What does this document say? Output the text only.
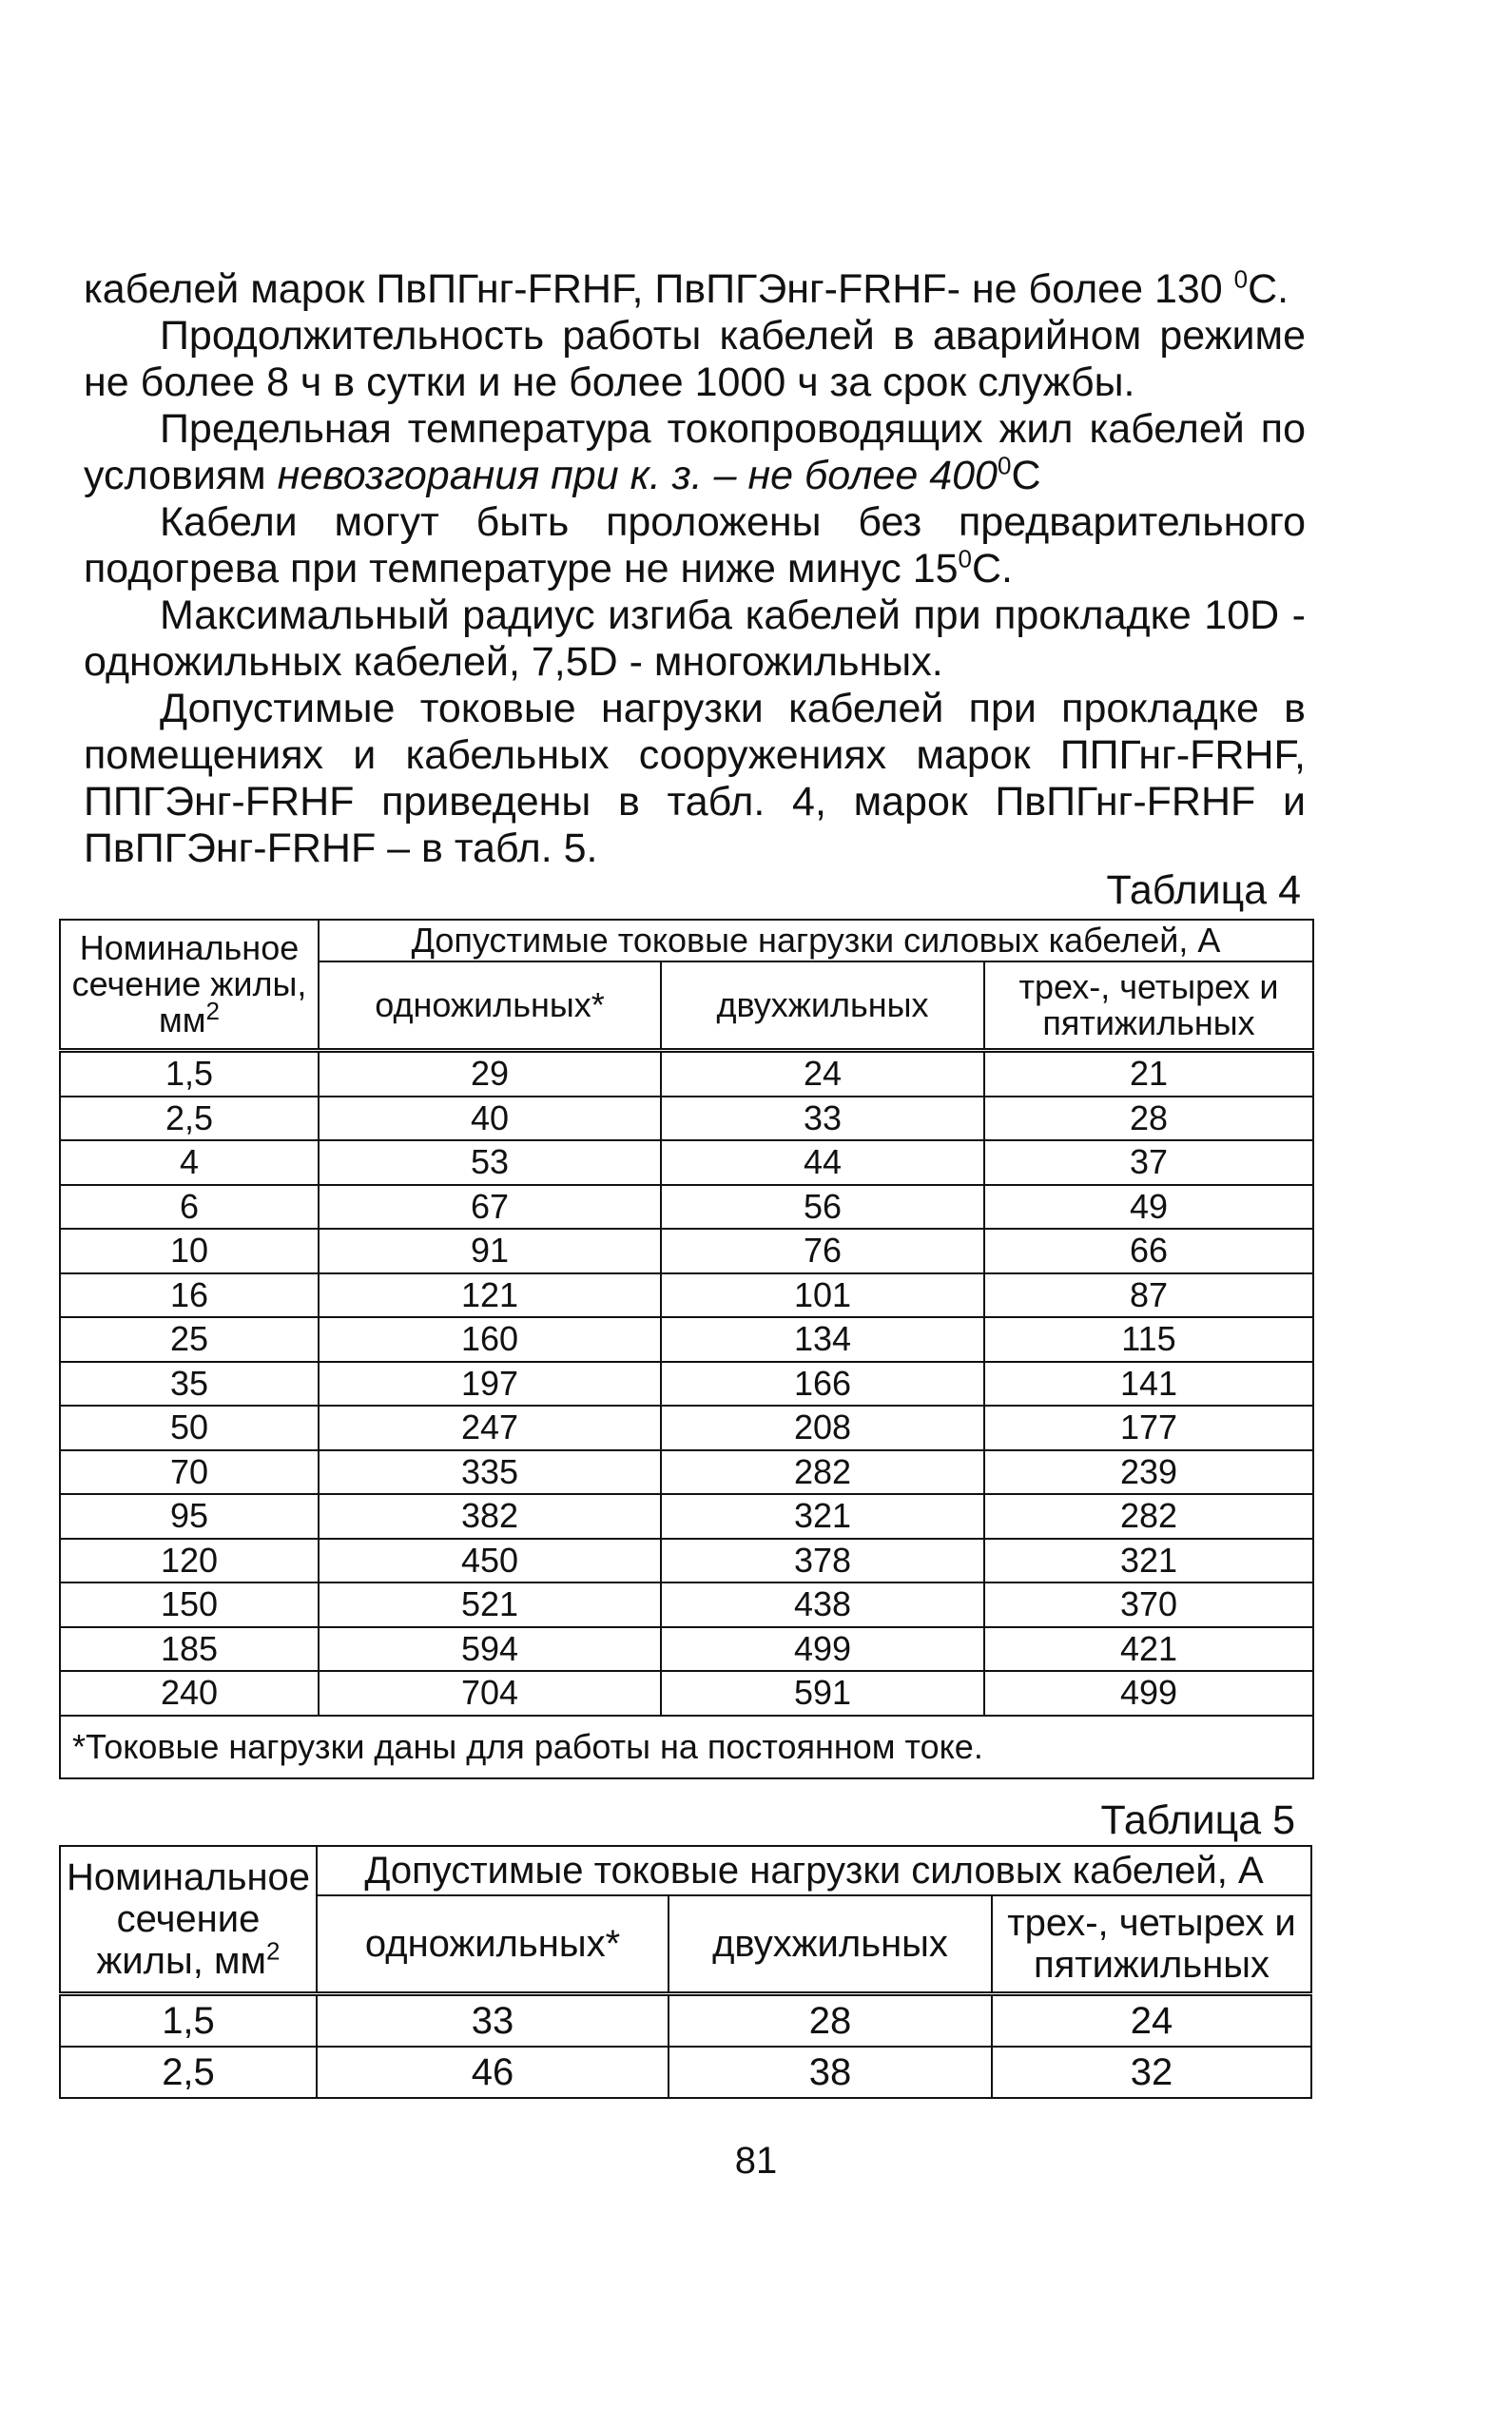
кабелей марок ПвПГнг-FRHF, ПвПГЭнг-FRHF- не более 130 $^0$С.

Продолжительность работы кабелей в аварийном режиме не более 8 ч в сутки и не более 1000 ч за срок службы.

Предельная температура токопроводящих жил кабелей по условиям невозгорания при к. з. – не более $400^0С$

Кабели могут быть проложены без предварительного подогрева при температуре не ниже минус $15^0С$.

Максимальный радиус изгиба кабелей при прокладке 10D - одножильных кабелей, 7,5D - многожильных.

Допустимые токовые нагрузки кабелей при прокладке в помещениях и кабельных сооружениях марок ППГнг-FRHF, ППГЭнг-FRHF приведены в табл. 4, марок ПвПГнг-FRHF и ПвПГЭнг-FRHF – в табл. 5.

Таблица 4
Номинальное сечение жилы, $мм^2$	Допустимые токовые нагрузки силовых кабелей, А		
	одножильных*	двухжильных	трех-, четырех и пятижильных
1,5	29	24	21
2,5	40	33	28
4	53	44	37
6	67	56	49
10	91	76	66
16	121	101	87
25	160	134	115
35	197	166	141
50	247	208	177
70	335	282	239
95	382	321	282
120	450	378	321
150	521	438	370
185	594	499	421
240	704	591	499
*Токовые нагрузки даны для работы на постоянном токе.			
Таблица 5
Номинальное сечение жилы, $мм^2$	Допустимые токовые нагрузки силовых кабелей, А		
	одножильных*	двухжильных	трех-, четырех и пятижильных
1,5	33	28	24
2,5	46	38	32
81
